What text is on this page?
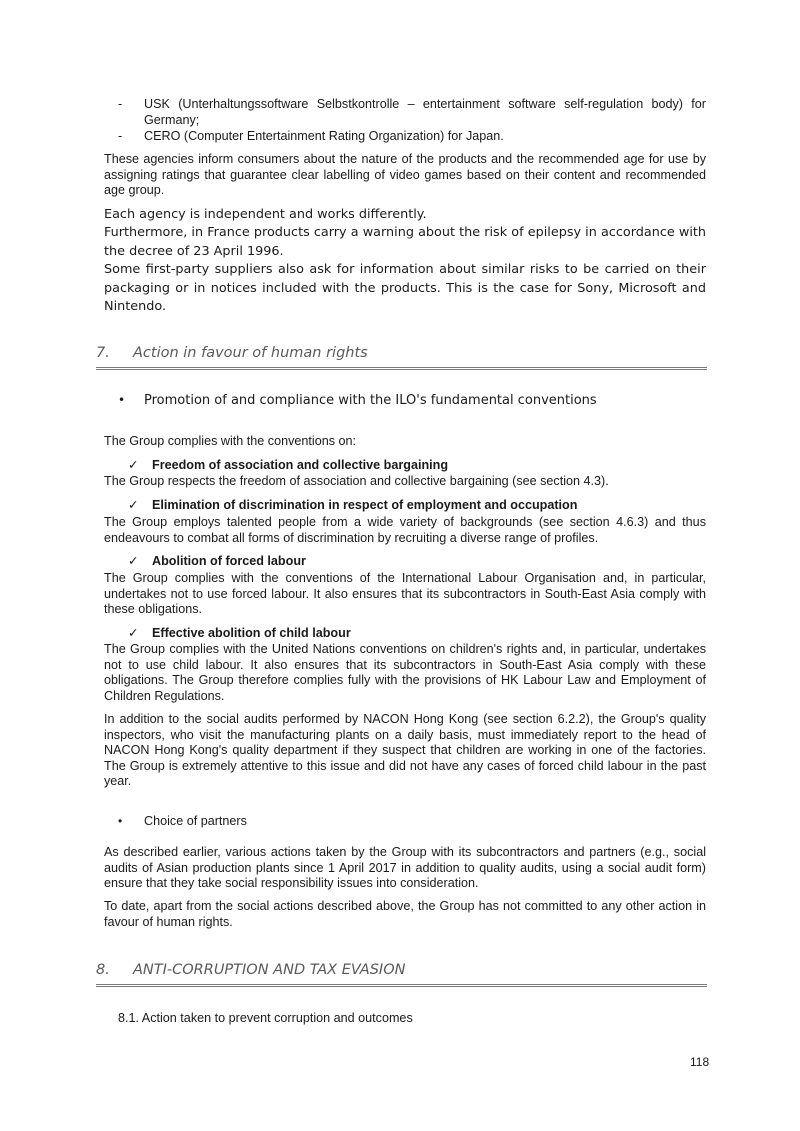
- USK (Unterhaltungssoftware Selbstkontrolle – entertainment software self-regulation body) for Germany;
- CERO (Computer Entertainment Rating Organization) for Japan.
These agencies inform consumers about the nature of the products and the recommended age for use by assigning ratings that guarantee clear labelling of video games based on their content and recommended age group.
Each agency is independent and works differently.
Furthermore, in France products carry a warning about the risk of epilepsy in accordance with the decree of 23 April 1996.
Some first-party suppliers also ask for information about similar risks to be carried on their packaging or in notices included with the products. This is the case for Sony, Microsoft and Nintendo.
7. Action in favour of human rights
• Promotion of and compliance with the ILO's fundamental conventions
The Group complies with the conventions on:
✓ Freedom of association and collective bargaining
The Group respects the freedom of association and collective bargaining (see section 4.3).
✓ Elimination of discrimination in respect of employment and occupation
The Group employs talented people from a wide variety of backgrounds (see section 4.6.3) and thus endeavours to combat all forms of discrimination by recruiting a diverse range of profiles.
✓ Abolition of forced labour
The Group complies with the conventions of the International Labour Organisation and, in particular, undertakes not to use forced labour. It also ensures that its subcontractors in South-East Asia comply with these obligations.
✓ Effective abolition of child labour
The Group complies with the United Nations conventions on children's rights and, in particular, undertakes not to use child labour. It also ensures that its subcontractors in South-East Asia comply with these obligations. The Group therefore complies fully with the provisions of HK Labour Law and Employment of Children Regulations.
In addition to the social audits performed by NACON Hong Kong (see section 6.2.2), the Group's quality inspectors, who visit the manufacturing plants on a daily basis, must immediately report to the head of NACON Hong Kong's quality department if they suspect that children are working in one of the factories. The Group is extremely attentive to this issue and did not have any cases of forced child labour in the past year.
• Choice of partners
As described earlier, various actions taken by the Group with its subcontractors and partners (e.g., social audits of Asian production plants since 1 April 2017 in addition to quality audits, using a social audit form) ensure that they take social responsibility issues into consideration.
To date, apart from the social actions described above, the Group has not committed to any other action in favour of human rights.
8. ANTI-CORRUPTION AND TAX EVASION
8.1. Action taken to prevent corruption and outcomes
118
